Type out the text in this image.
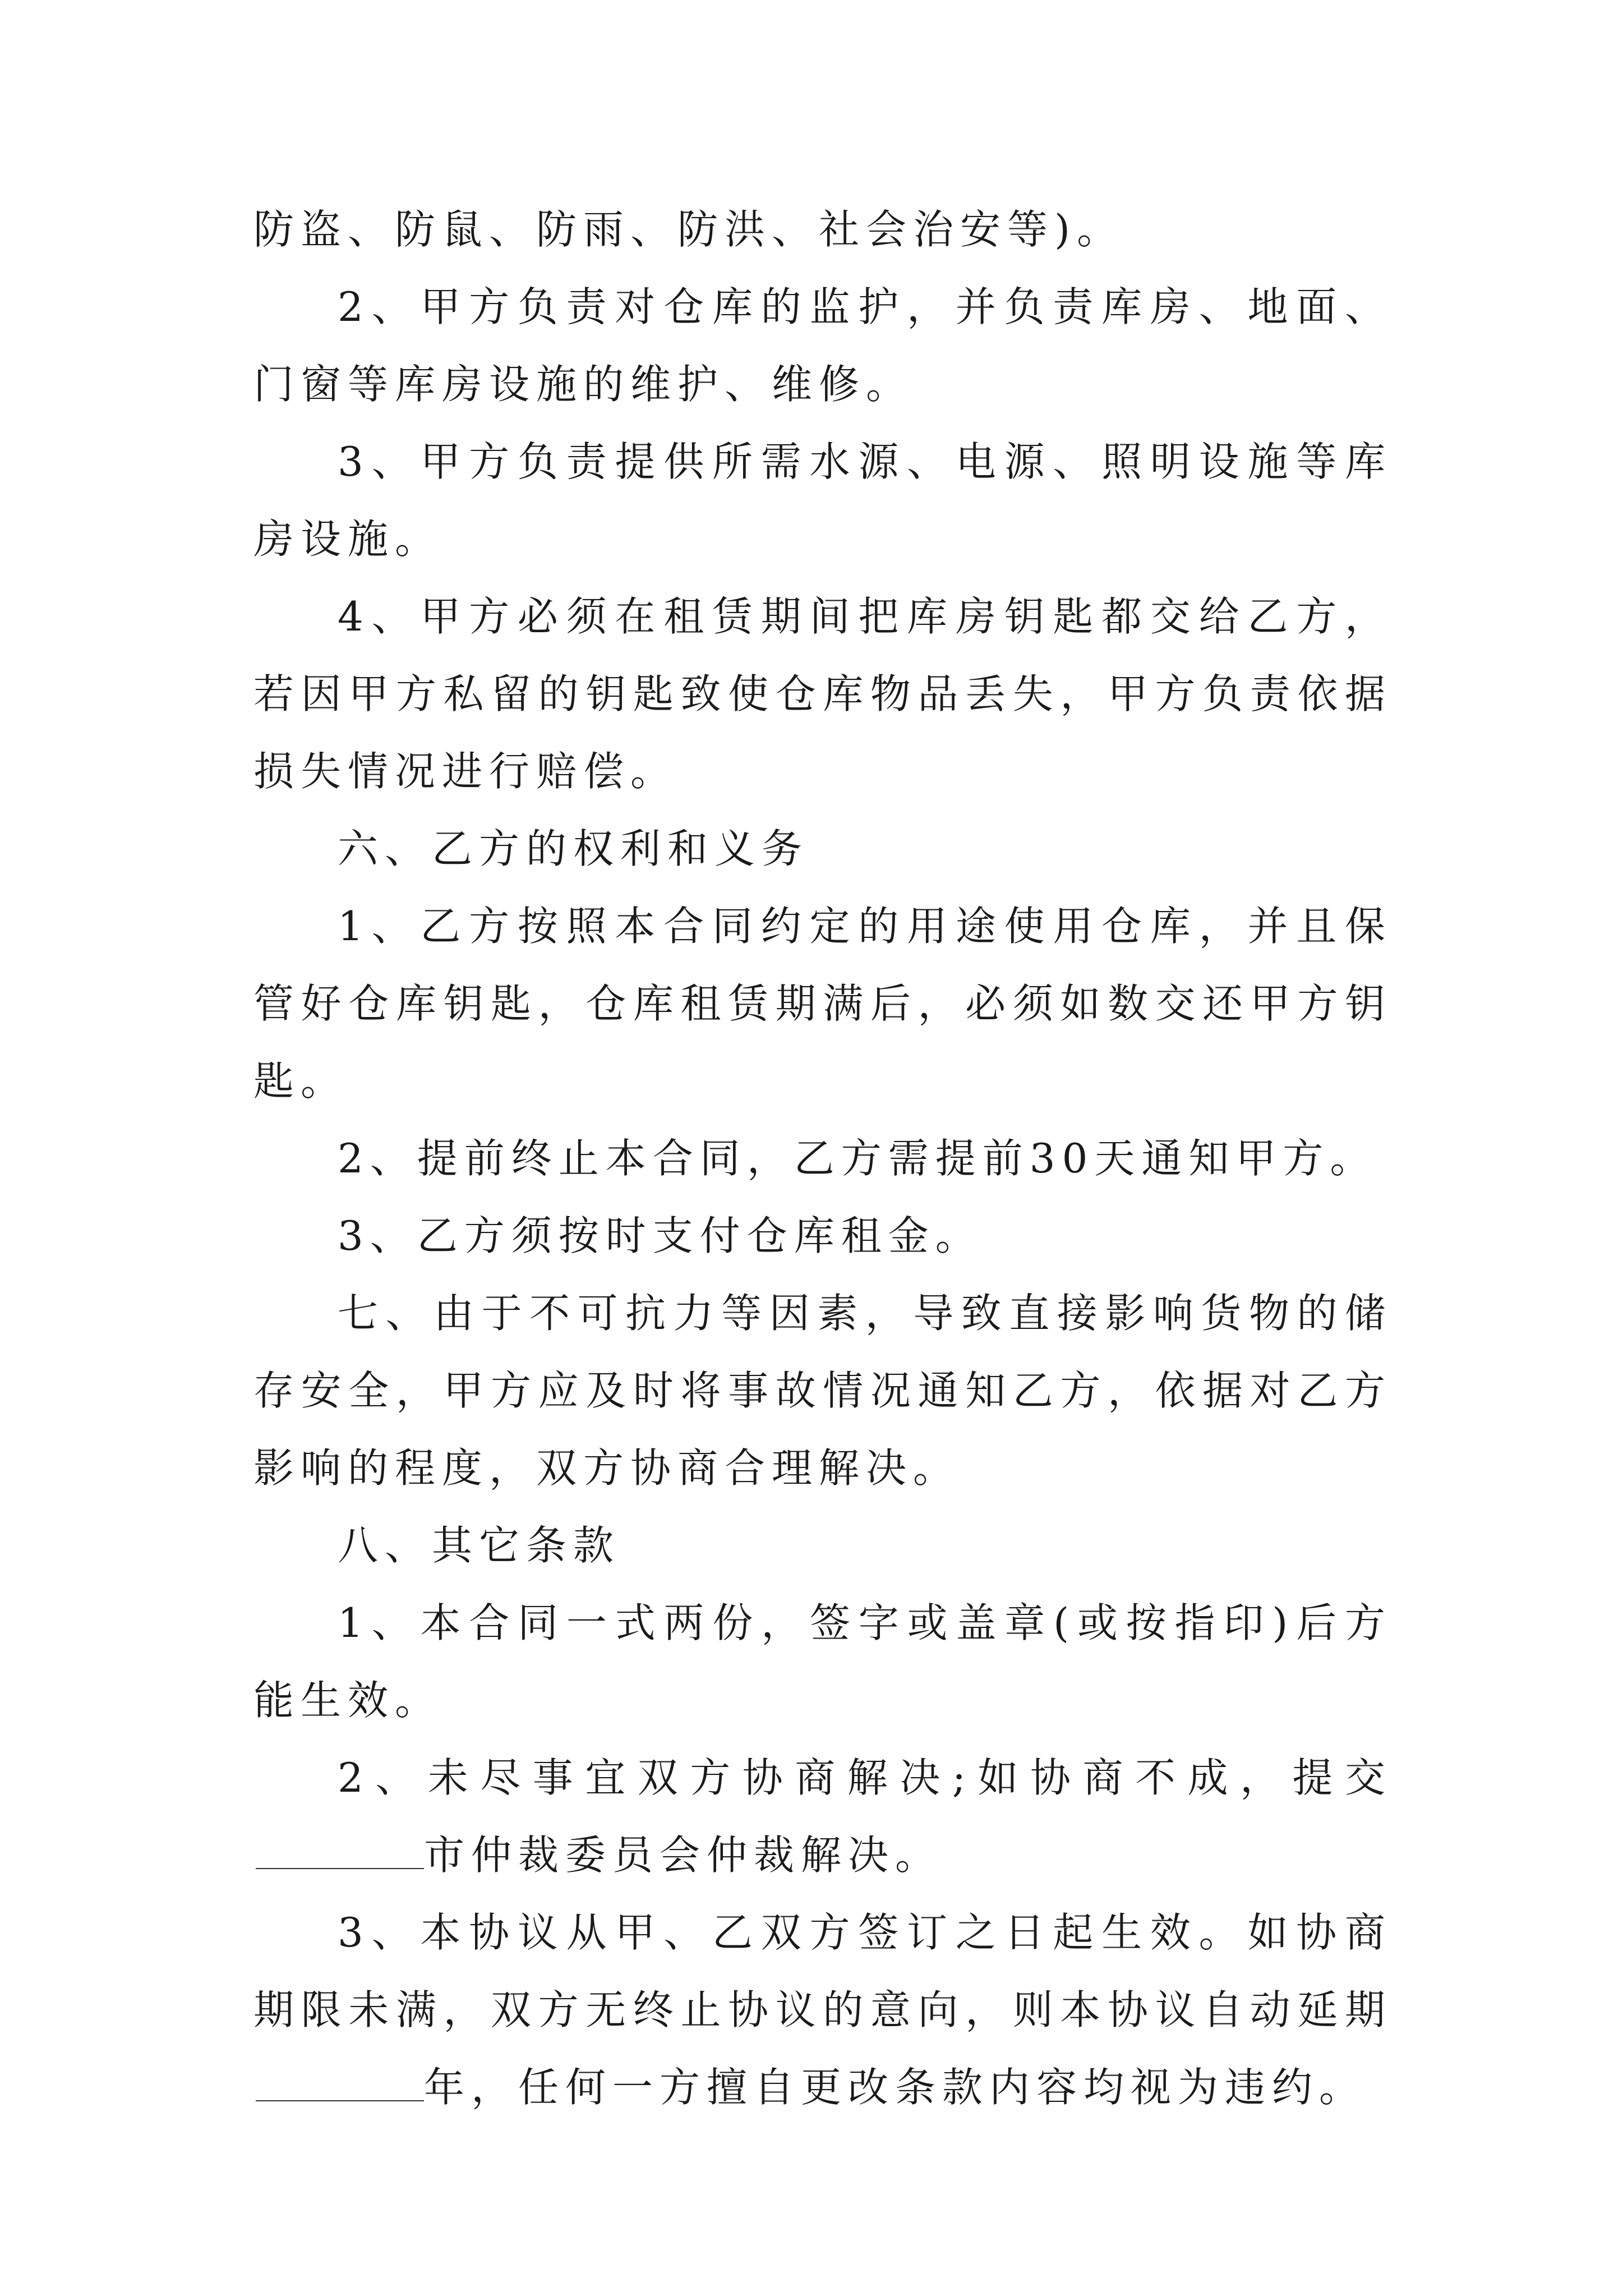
防盗、防鼠、防雨、防洪、社会治安等)。

2、甲方负责对仓库的监护，并负责库房、地面、门窗等库房设施的维护、维修。

3、甲方负责提供所需水源、电源、照明设施等库房设施。

4、甲方必须在租赁期间把库房钥匙都交给乙方，若因甲方私留的钥匙致使仓库物品丢失，甲方负责依据损失情况进行赔偿。

六、乙方的权利和义务

1、乙方按照本合同约定的用途使用仓库，并且保管好仓库钥匙，仓库租赁期满后，必须如数交还甲方钥匙。

2、提前终止本合同，乙方需提前30天通知甲方。

3、乙方须按时支付仓库租金。

七、由于不可抗力等因素，导致直接影响货物的储存安全，甲方应及时将事故情况通知乙方，依据对乙方影响的程度，双方协商合理解决。

八、其它条款

1、本合同一式两份，签字或盖章(或按指印)后方能生效。

2、未尽事宜双方协商解决;如协商不成，提交市仲裁委员会仲裁解决。

3、本协议从甲、乙双方签订之日起生效。如协商期限未满，双方无终止协议的意向，则本协议自动延期年，任何一方擅自更改条款内容均视为违约。
